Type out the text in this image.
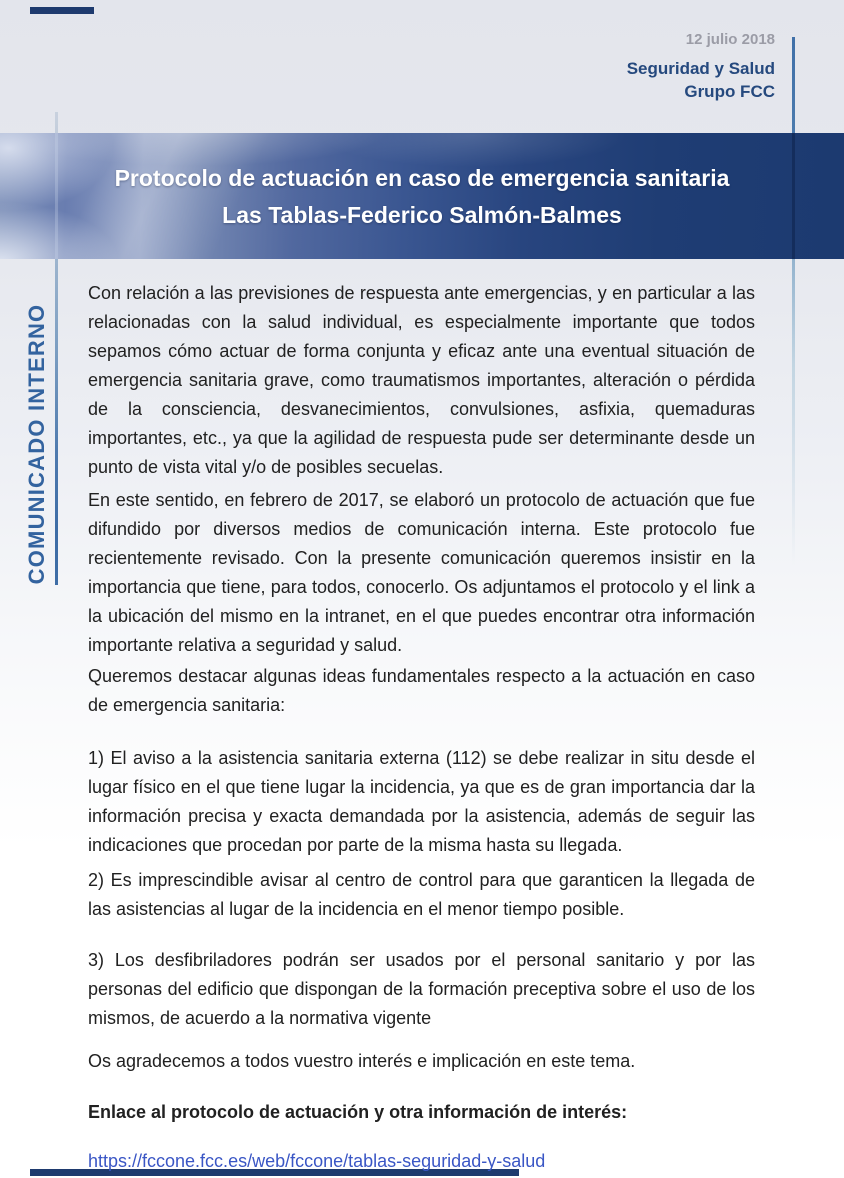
12 julio 2018
Seguridad y Salud
Grupo FCC
Protocolo de actuación en caso de emergencia sanitaria
Las Tablas-Federico Salmón-Balmes
COMUNICADO INTERNO

Con relación a las previsiones de respuesta ante emergencias, y en particular a las relacionadas con la salud individual, es especialmente importante que todos sepamos cómo actuar de forma conjunta y eficaz ante una eventual situación de emergencia sanitaria grave, como traumatismos importantes, alteración o pérdida de la consciencia, desvanecimientos, convulsiones, asfixia, quemaduras importantes, etc., ya que la agilidad de respuesta pude ser determinante desde un punto de vista vital y/o de posibles secuelas.

En este sentido, en febrero de 2017, se elaboró un protocolo de actuación que fue difundido por diversos medios de comunicación interna. Este protocolo fue recientemente revisado. Con la presente comunicación queremos insistir en la importancia que tiene, para todos, conocerlo. Os adjuntamos el protocolo y el link a la ubicación del mismo en la intranet, en el que puedes encontrar otra información importante relativa a seguridad y salud.

Queremos destacar algunas ideas fundamentales respecto a la actuación en caso de emergencia sanitaria:

1) El aviso a la asistencia sanitaria externa (112) se debe realizar in situ desde el lugar físico en el que tiene lugar la incidencia, ya que es de gran importancia dar la información precisa y exacta demandada por la asistencia, además de seguir las indicaciones que procedan por parte de la misma hasta su llegada.

2) Es imprescindible avisar al centro de control para que garanticen la llegada de las asistencias al lugar de la incidencia en el menor tiempo posible.

3) Los desfibriladores podrán ser usados por el personal sanitario y por las personas del edificio que dispongan de la formación preceptiva sobre el uso de los mismos, de acuerdo a la normativa vigente

Os agradecemos a todos vuestro interés e implicación en este tema.

Enlace al protocolo de actuación y otra información de interés:

https://fccone.fcc.es/web/fccone/tablas-seguridad-y-salud
